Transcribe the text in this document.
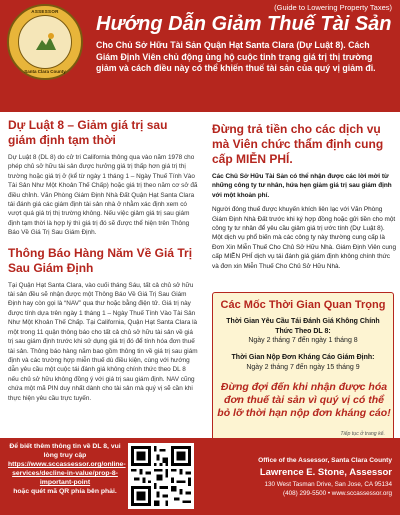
ASSESSOR
Santa Clara County
(Guide to Lowering Property Taxes)
Hướng Dẫn Giảm Thuế Tài Sản
Cho Chủ Sở Hữu Tài Sản Quận Hạt Santa Clara (Dự Luật 8). Cách Giám Định Viên chủ động ủng hộ cuộc tinh trạng giá trị thị trường giảm và cách điều này có thể khiến thuế tài sản của quý vị giảm đi.
Dự Luật 8 – Giảm giá trị sau giám định tạm thời
Dự Luật 8 (DL 8) do cử tri California thông qua vào năm 1978 cho phép chủ sở hữu tài sản được hưởng giá trị thấp hơn giá trị thị trường hoặc giá trị ở (kể từ ngày 1 tháng 1 – Ngày Thuế Tính Vào Tài Sản Như Một Khoản Thế Chấp) hoặc giá trị theo năm cơ sở đã điều chỉnh. Văn Phòng Giám Định Nhà Đất Quận Hạt Santa Clara tái đánh giá các giám định tài sản nhà ở nhằm xác định xem có vượt quá giá trị thị trường không. Nếu việc giảm giá trị sau giám định tạm thời là hợp lý thì giá trị đó sẽ được thể hiện trên Thông Báo Về Giá Trị Sau Giám Định.
Thông Báo Hàng Năm Về Giá Trị Sau Giám Định
Tại Quận Hạt Santa Clara, vào cuối tháng Sáu, tất cả chủ sở hữu tài sản đều sẽ nhận được một Thông Báo Về Giá Trị Sau Giám Định hay còn gọi là “NAV” qua thư hoặc bằng điện tử. Giá trị này được tính dựa trên ngày 1 tháng 1 – Ngày Thuế Tính Vào Tài Sản Như Một Khoản Thế Chấp. Tại California, Quận Hạt Santa Clara là một trong 11 quận thông báo cho tất cả chủ sở hữu tài sản về giá trị sau giám định trước khi sử dụng giá trị đó để tính hóa đơn thuế tài sản. Thông báo hàng năm bao gồm thông tin về giá trị sau giám định và các trường hợp miễn thuế dù điều kiện, cùng với hướng dẫn yêu cầu một cuộc tái đánh giá không chính thức theo DL 8 nếu chủ sở hữu không đồng ý với giá trị sau giám định. NAV cũng chứa một mã PIN duy nhất dành cho tài sản mà quý vị sẽ cần khi thực hiện yêu cầu trực tuyến.
Để biết thêm thông tin về DL 8, vui lòng truy cập
https://www.sccassessor.org/online-services/decline-in-value/prop-8-important-point
hoặc quét mã QR phía bên phải.
Đừng trả tiền cho các dịch vụ mà Viên chức thẩm định cung cấp MIỄN PHÍ.
Các Chủ Sở Hữu Tài Sản có thể nhận được các lời mời từ những công ty tư nhân, hứa hẹn giảm giá trị sau giám định với một khoản phí.
Người đóng thuế được khuyến khích liên lạc với Văn Phòng Giám Định Nhà Đất trước khi ký hợp đồng hoặc gửi tiền cho một công ty tư nhân để yêu cầu giảm giá trị ước tính (Dự Luật 8). Một dịch vụ phổ biến mà các công ty này thường cung cấp là Đơn Xin Miễn Thuế Cho Chủ Sở Hữu Nhà. Giám Định Viên cung cấp MIỄN PHÍ dịch vụ tái đánh giá giám định không chính thức và đơn xin Miễn Thuế Cho Chủ Sở Hữu Nhà.
Các Mốc Thời Gian Quan Trọng
Thời Gian Yêu Cầu Tái Đánh Giá Không Chính Thức Theo DL 8:
Ngày 2 tháng 7 đến ngày 1 tháng 8
Thời Gian Nộp Đơn Kháng Cáo Giám Định:
Ngày 2 tháng 7 đến ngày 15 tháng 9
Đừng đợi đến khi nhận được hóa đơn thuế tài sản vì quý vị có thể bỏ lỡ thời hạn nộp đơn kháng cáo!
Tiếp tục ở trang kế.
Office of the Assessor, Santa Clara County
Lawrence E. Stone, Assessor
130 West Tasman Drive, San Jose, CA 95134
(408) 299-5500 • www.sccassessor.org
